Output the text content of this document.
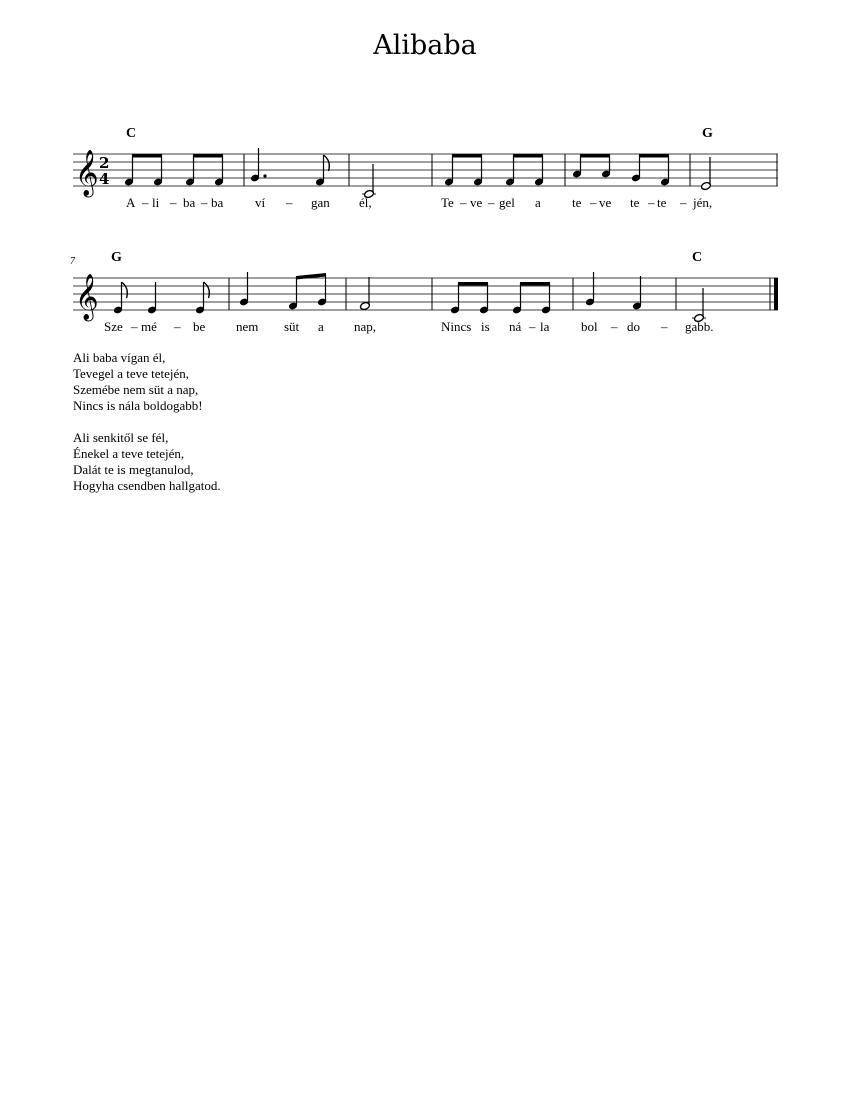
Alibaba
𝄞 2
4
C	G
A – li – ba – ba ví – gan él,	Te – ve – gel a te – ve te – te – jén,
7
𝄞
G	C
Sze – mé – be nem süt a nap,	Nincs is ná – la bol – do – gabb.
Ali baba vígan él,
Tevegel a teve tetején,
Szemébe nem süt a nap,
Nincs is nála boldogabb!
Ali senkitől se fél,
Énekel a teve tetején,
Dalát te is megtanulod,
Hogyha csendben hallgatod.
